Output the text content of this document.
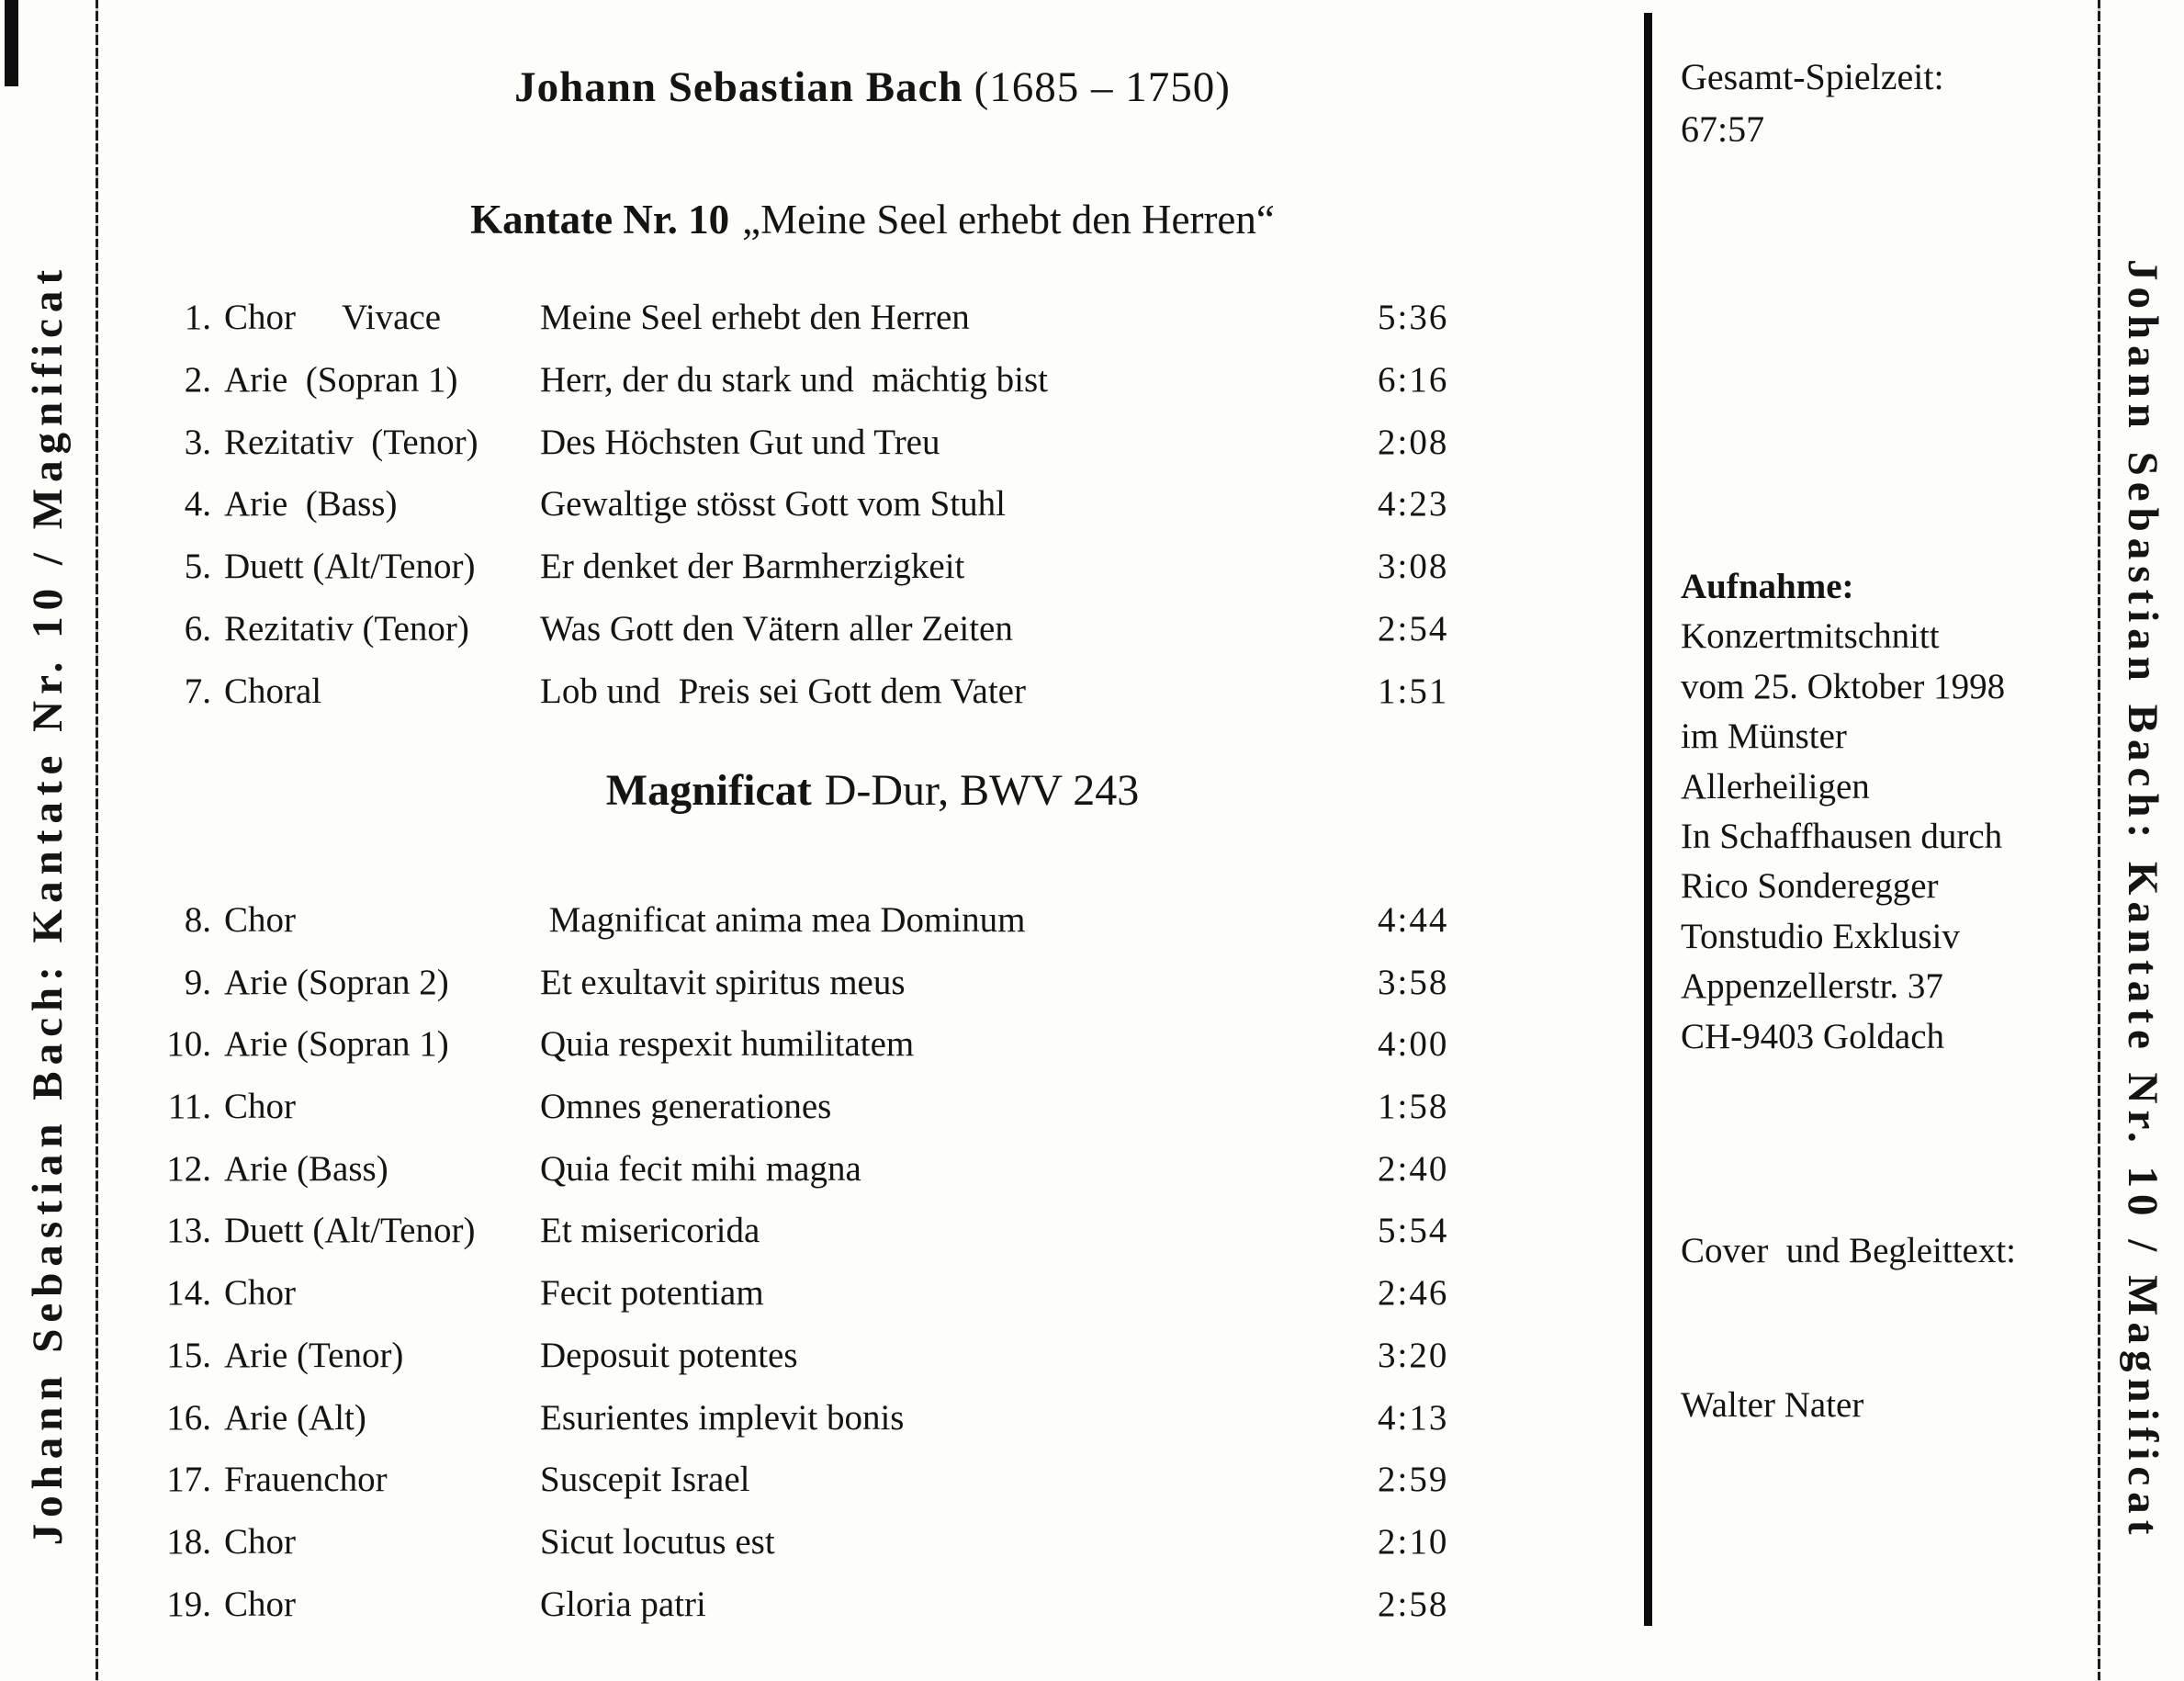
Johann Sebastian Bach: Kantate Nr. 10 / Magnificat	Johann Sebastian Bach: Kantate Nr. 10 / Magnificat
Johann Sebastian Bach (1685 – 1750)
Kantate Nr. 10 „Meine Seel erhebt den Herren“
1. Chor Vivace	Meine Seel erhebt den Herren	5:36
2. Arie  (Sopran 1)	Herr, der du stark und  mächtig bist	6:16
3. Rezitativ  (Tenor)	Des Höchsten Gut und Treu	2:08
4. Arie  (Bass)	Gewaltige stösst Gott vom Stuhl	4:23
5. Duett (Alt/Tenor)	Er denket der Barmherzigkeit	3:08
6. Rezitativ (Tenor)	Was Gott den Vätern aller Zeiten	2:54
7. Choral	Lob und  Preis sei Gott dem Vater	1:51
Magnificat D-Dur, BWV 243
8. Chor	Magnificat anima mea Dominum	4:44
9. Arie (Sopran 2)	Et exultavit spiritus meus	3:58
10. Arie (Sopran 1)	Quia respexit humilitatem	4:00
11. Chor	Omnes generationes	1:58
12. Arie (Bass)	Quia fecit mihi magna	2:40
13. Duett (Alt/Tenor)	Et misericorida	5:54
14. Chor	Fecit potentiam	2:46
15. Arie (Tenor)	Deposuit potentes	3:20
16. Arie (Alt)	Esurientes implevit bonis	4:13
17. Frauenchor	Suscepit Israel	2:59
18. Chor	Sicut locutus est	2:10
19. Chor	Gloria patri	2:58
Gesamt-Spielzeit:
67:57
Aufnahme:
Konzertmitschnitt
vom 25. Oktober 1998
im Münster
Allerheiligen
In Schaffhausen durch
Rico Sonderegger
Tonstudio Exklusiv
Appenzellerstr. 37
CH-9403 Goldach

Cover  und Begleittext:

Walter Nater
